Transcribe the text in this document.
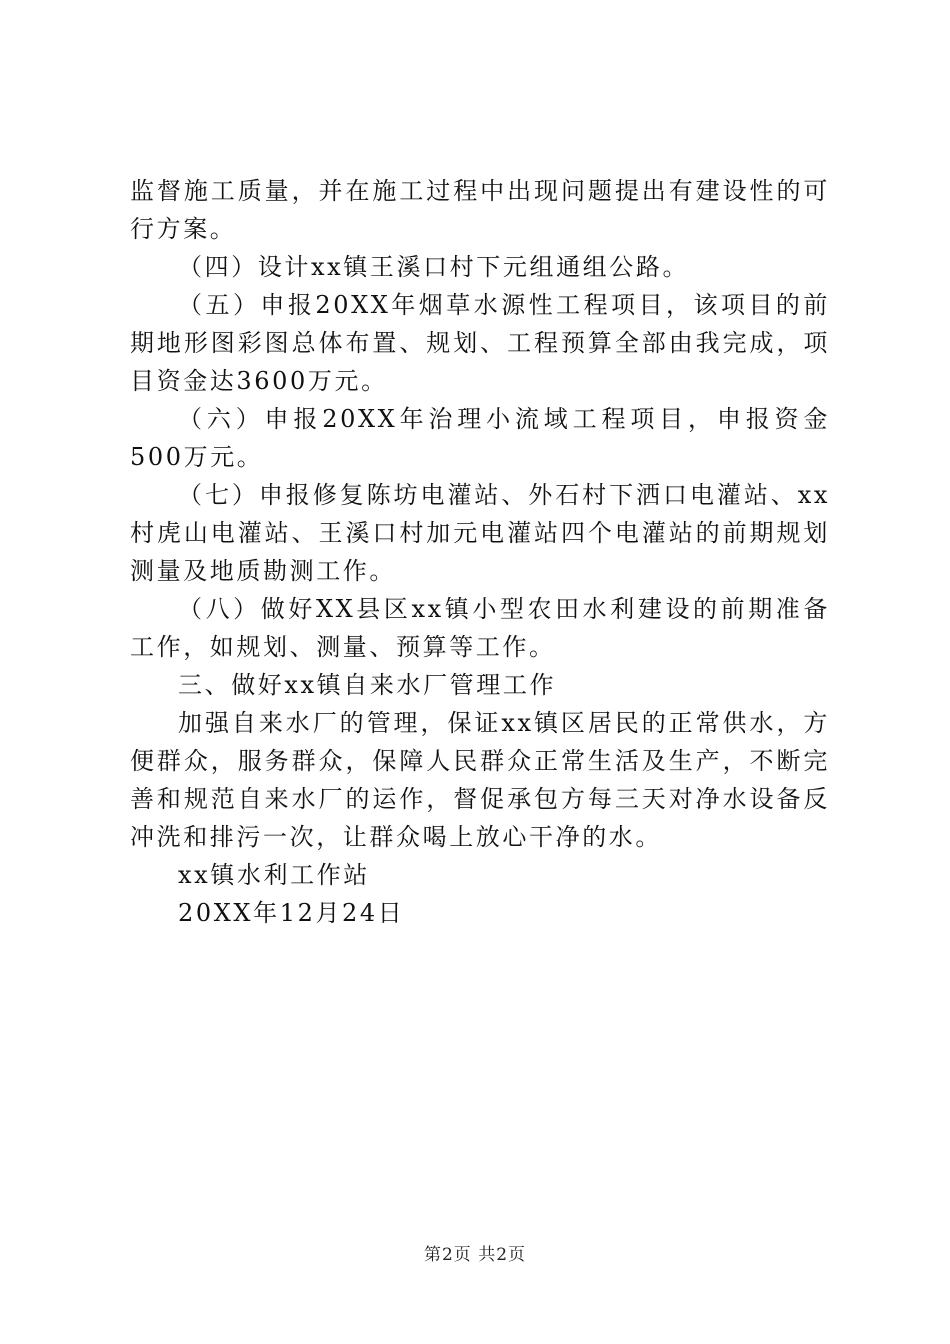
监督施工质量，并在施工过程中出现问题提出有建设性的可行方案。

（四）设计xx镇王溪口村下元组通组公路。

（五）申报20XX年烟草水源性工程项目，该项目的前期地形图彩图总体布置、规划、工程预算全部由我完成，项目资金达3600万元。

（六）申报20XX年治理小流域工程项目，申报资金500万元。

（七）申报修复陈坊电灌站、外石村下洒口电灌站、xx村虎山电灌站、王溪口村加元电灌站四个电灌站的前期规划测量及地质勘测工作。

（八）做好XX县区xx镇小型农田水利建设的前期准备工作，如规划、测量、预算等工作。

三、做好xx镇自来水厂管理工作

加强自来水厂的管理，保证xx镇区居民的正常供水，方便群众，服务群众，保障人民群众正常生活及生产，不断完善和规范自来水厂的运作，督促承包方每三天对净水设备反冲洗和排污一次，让群众喝上放心干净的水。

xx镇水利工作站

20XX年12月24日

第2页 共2页
